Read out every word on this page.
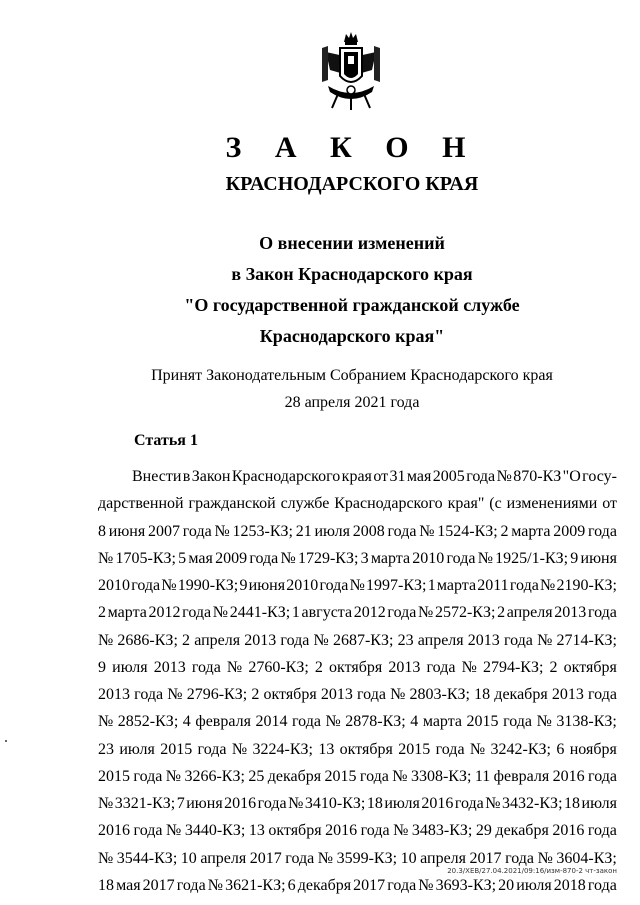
З А К О Н
КРАСНОДАРСКОГО КРАЯ
О внесении изменений
в Закон Краснодарского края
"О государственной гражданской службе
Краснодарского края"
Принят Законодательным Собранием Краснодарского края
28 апреля 2021 года
Статья 1
Внести в Закон Краснодарского края от 31 мая 2005 года № 870-КЗ "О госу-
дарственной гражданской службе Краснодарского края" (с изменениями от
8 июня 2007 года № 1253-КЗ; 21 июля 2008 года № 1524-КЗ; 2 марта 2009 года
№ 1705-КЗ; 5 мая 2009 года № 1729-КЗ; 3 марта 2010 года № 1925/1-КЗ; 9 июня
2010 года № 1990-КЗ; 9 июня 2010 года № 1997-КЗ; 1 марта 2011 года № 2190-КЗ;
2 марта 2012 года № 2441-КЗ; 1 августа 2012 года № 2572-КЗ; 2 апреля 2013 года
№ 2686-КЗ; 2 апреля 2013 года № 2687-КЗ; 23 апреля 2013 года № 2714-КЗ;
9 июля 2013 года № 2760-КЗ; 2 октября 2013 года № 2794-КЗ; 2 октября
2013 года № 2796-КЗ; 2 октября 2013 года № 2803-КЗ; 18 декабря 2013 года
№ 2852-КЗ; 4 февраля 2014 года № 2878-КЗ; 4 марта 2015 года № 3138-КЗ;
23 июля 2015 года № 3224-КЗ; 13 октября 2015 года № 3242-КЗ; 6 ноября
2015 года № 3266-КЗ; 25 декабря 2015 года № 3308-КЗ; 11 февраля 2016 года
№ 3321-КЗ; 7 июня 2016 года № 3410-КЗ; 18 июля 2016 года № 3432-КЗ; 18 июля
2016 года № 3440-КЗ; 13 октября 2016 года № 3483-КЗ; 29 декабря 2016 года
№ 3544-КЗ; 10 апреля 2017 года № 3599-КЗ; 10 апреля 2017 года № 3604-КЗ;
18 мая 2017 года № 3621-КЗ; 6 декабря 2017 года № 3693-КЗ; 20 июля 2018 года
20.3/ХЕВ/27.04.2021/09:16/изм-870-2 чт-закон
